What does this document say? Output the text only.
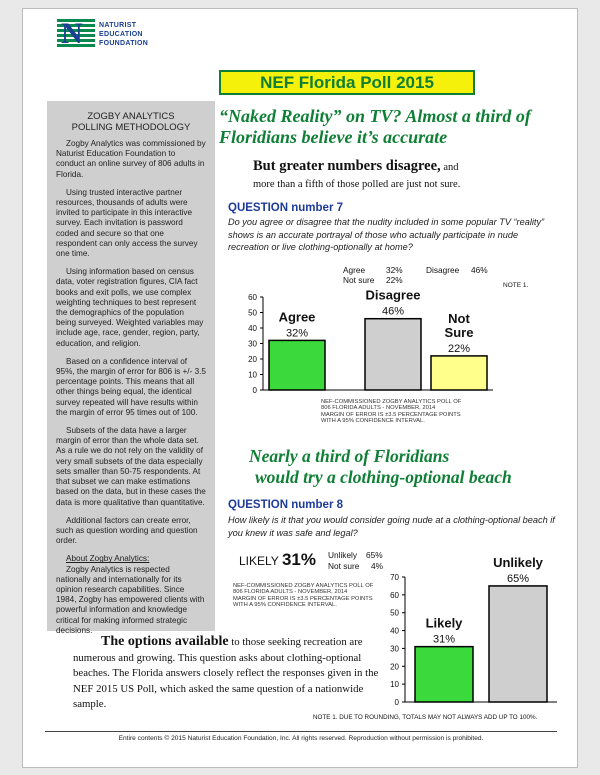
N NATURIST
EDUCATION
FOUNDATION
NEF Florida Poll 2015
ZOGBY ANALYTICS
POLLING METHODOLOGY

Zogby Analytics was commissioned by Naturist Education Foundation to conduct an online survey of 806 adults in Florida.

Using trusted interactive partner resources, thousands of adults were invited to participate in this interactive survey. Each invitation is password coded and secure so that one respondent can only access the survey one time.

Using information based on census data, voter registration figures, CIA fact books and exit polls, we use complex weighting techniques to best represent the demographics of the population being surveyed. Weighted variables may include age, race, gender, region, party, education, and religion.

Based on a confidence interval of 95%, the margin of error for 806 is +/- 3.5 percentage points. This means that all other things being equal, the identical survey repeated will have results within the margin of error 95 times out of 100.

Subsets of the data have a larger margin of error than the whole data set. As a rule we do not rely on the validity of very small subsets of the data especially sets smaller than 50-75 respondents. At that subset we can make estimations based on the data, but in these cases the data is more qualitative than quantitative.

Additional factors can create error, such as question wording and question order.

About Zogby Analytics:

Zogby Analytics is respected nationally and internationally for its opinion research capabilities. Since 1984, Zogby has empowered clients with powerful information and knowledge critical for making informed strategic decisions.

“Naked Reality” on TV? Almost a third of Floridians believe it’s accurate
But greater numbers disagree, and
more than a fifth of those polled are just not sure.
QUESTION number 7
Do you agree or disagree that the nudity included in some popular TV “reality” shows is an accurate portrayal of those who actually participate in nude recreation or live clothing-optionally at home?
Agree	32%	Disagree 46%
Not sure 22%
NOTE 1.
0
10
20
30
40
50
60
Agree
32%
Disagree
46%	Not
Sure
22%
NEF-COMMISSIONED ZOGBY ANALYTICS POLL OF
806 FLORIDA ADULTS - NOVEMBER, 2014
MARGIN OF ERROR IS ±3.5 PERCENTAGE POINTS
WITH A 95% CONFIDENCE INTERVAL.
Nearly a third of Floridians
would try a clothing-optional beach
QUESTION number 8
How likely is it that you would consider going nude at a clothing-optional beach if you knew it was safe and legal?
LIKELY 31% Unlikely 65%
Not sure 4%
NEF-COMMISSIONED ZOGBY ANALYTICS POLL OF
806 FLORIDA ADULTS - NOVEMBER, 2014
MARGIN OF ERROR IS ±3.5 PERCENTAGE POINTS
WITH A 95% CONFIDENCE INTERVAL.
0
10
20
30
40
50
60
70
Likely
31%
Unlikely
65%
The options available to those seeking recreation are numerous and growing. This question asks about clothing-optional beaches. The Florida answers closely reflect the responses given in the NEF 2015 US Poll, which asked the same question of a nationwide sample.
NOTE 1. DUE TO ROUNDING, TOTALS MAY NOT ALWAYS ADD UP TO 100%.
Entire contents © 2015 Naturist Education Foundation, Inc. All rights reserved. Reproduction without permission is prohibited.
